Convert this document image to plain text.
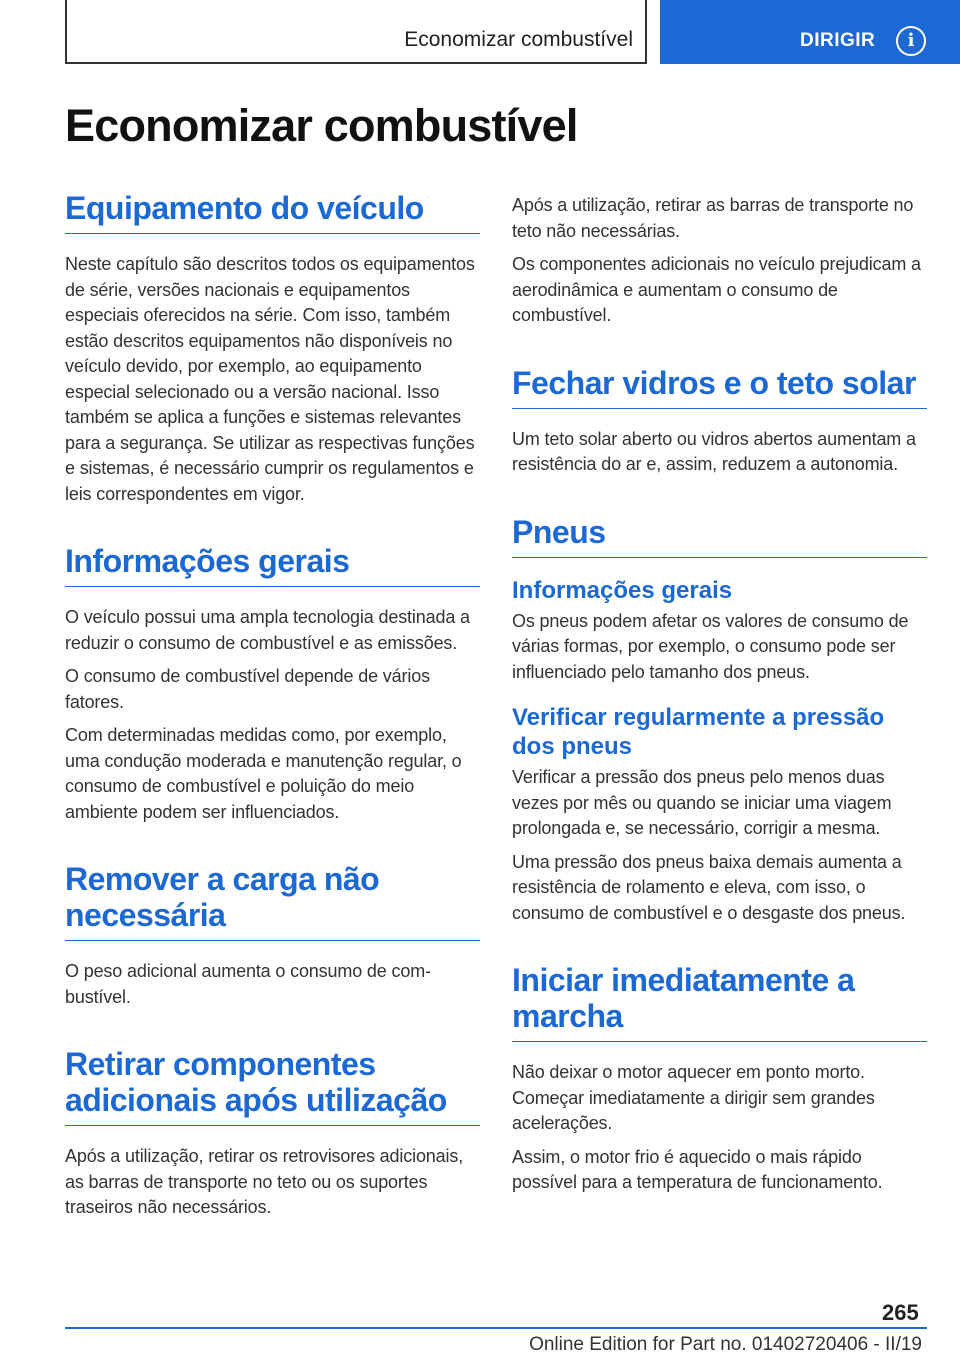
Economizar combustível	DIRIGIR	i
Economizar combustível
Equipamento do veículo

Neste capítulo são descritos todos os equipamentos de série, versões nacionais e equipamentos especiais oferecidos na série. Com isso, também estão descritos equipamentos não disponíveis no veículo devido, por exemplo, ao equipamento especial selecionado ou a versão nacional. Isso também se aplica a funções e sistemas relevantes para a segurança. Se utilizar as respectivas funções e sistemas, é necessário cumprir os regulamentos e leis correspondentes em vigor.

Informações gerais

O veículo possui uma ampla tecnologia destinada a reduzir o consumo de combustível e as emissões.

O consumo de combustível depende de vários fatores.

Com determinadas medidas como, por exemplo, uma condução moderada e manutenção regular, o consumo de combustível e poluição do meio ambiente podem ser influenciados.

Remover a carga não necessária

O peso adicional aumenta o consumo de combustível.

Retirar componentes adicionais após utilização

Após a utilização, retirar os retrovisores adicionais, as barras de transporte no teto ou os suportes traseiros não necessários.

Após a utilização, retirar as barras de transporte no teto não necessárias.

Os componentes adicionais no veículo prejudicam a aerodinâmica e aumentam o consumo de combustível.

Fechar vidros e o teto solar

Um teto solar aberto ou vidros abertos aumentam a resistência do ar e, assim, reduzem a autonomia.

Pneus
Informações gerais

Os pneus podem afetar os valores de consumo de várias formas, por exemplo, o consumo pode ser influenciado pelo tamanho dos pneus.

Verificar regularmente a pressão dos pneus

Verificar a pressão dos pneus pelo menos duas vezes por mês ou quando se iniciar uma viagem prolongada e, se necessário, corrigir a mesma.

Uma pressão dos pneus baixa demais aumenta a resistência de rolamento e eleva, com isso, o consumo de combustível e o desgaste dos pneus.

Iniciar imediatamente a marcha

Não deixar o motor aquecer em ponto morto. Começar imediatamente a dirigir sem grandes acelerações.

Assim, o motor frio é aquecido o mais rápido possível para a temperatura de funcionamento.

265
Online Edition for Part no. 01402720406 - II/19
